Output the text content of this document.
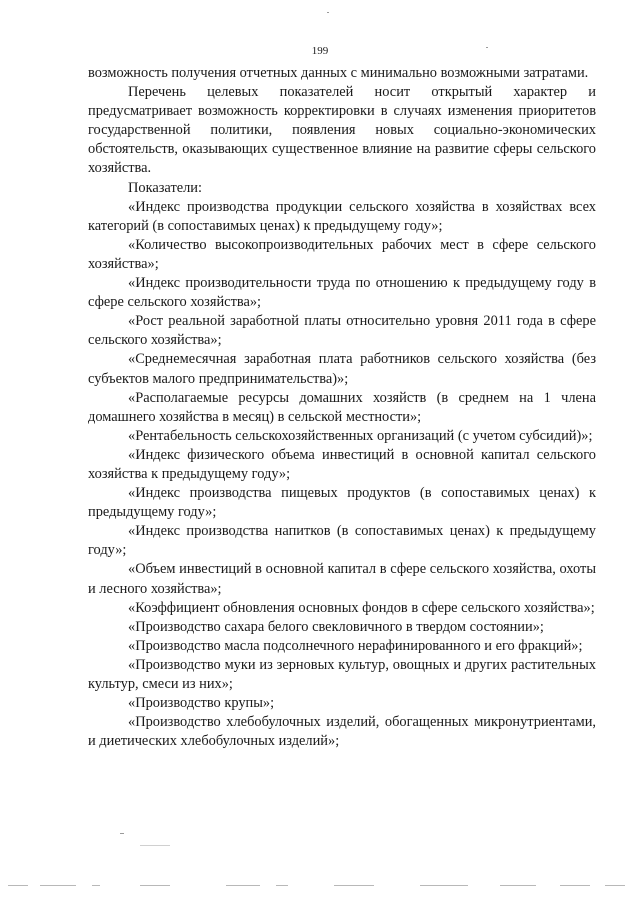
199

возможность получения отчетных данных с минимально возможными затратами.

Перечень целевых показателей носит открытый характер и предусматривает возможность корректировки в случаях изменения приоритетов государственной политики, появления новых социально-экономических обстоятельств, оказывающих существенное влияние на развитие сферы сельского хозяйства.

Показатели:

«Индекс производства продукции сельского хозяйства в хозяйствах всех категорий (в сопоставимых ценах) к предыдущему году»;

«Количество высокопроизводительных рабочих мест в сфере сельского хозяйства»;

«Индекс производительности труда по отношению к предыдущему году в сфере сельского хозяйства»;

«Рост реальной заработной платы относительно уровня 2011 года в сфере сельского хозяйства»;

«Среднемесячная заработная плата работников сельского хозяйства (без субъектов малого предпринимательства)»;

«Располагаемые ресурсы домашних хозяйств (в среднем на 1 члена домашнего хозяйства в месяц) в сельской местности»;

«Рентабельность сельскохозяйственных организаций (с учетом субсидий)»;

«Индекс физического объема инвестиций в основной капитал сельского хозяйства к предыдущему году»;

«Индекс производства пищевых продуктов (в сопоставимых ценах) к предыдущему году»;

«Индекс производства напитков (в сопоставимых ценах) к предыдущему году»;

«Объем инвестиций в основной капитал в сфере сельского хозяйства, охоты и лесного хозяйства»;

«Коэффициент обновления основных фондов в сфере сельского хозяйства»;

«Производство сахара белого свекловичного в твердом состоянии»;

«Производство масла подсолнечного нерафинированного и его фракций»;

«Производство муки из зерновых культур, овощных и других растительных культур, смеси из них»;

«Производство крупы»;

«Производство хлебобулочных изделий, обогащенных микронутриентами, и диетических хлебобулочных изделий»;
